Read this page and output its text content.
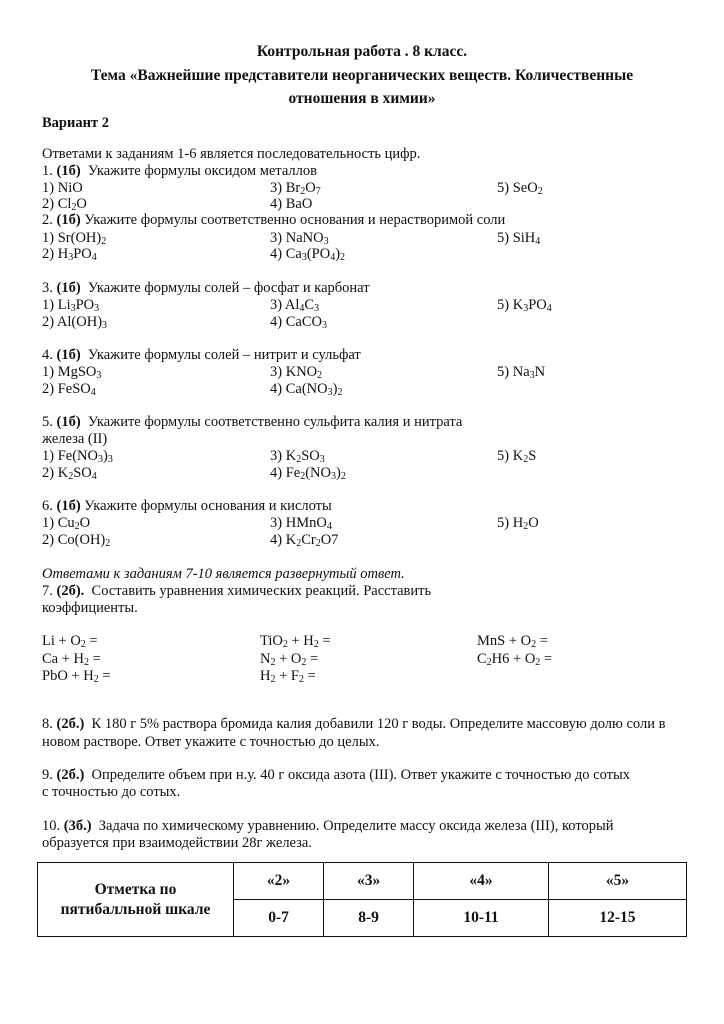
Контрольная работа . 8 класс.
Тема «Важнейшие представители неорганических веществ. Количественные
отношения в химии»
Вариант 2
Ответами к заданиям 1-6 является последовательность цифр.
1. (1б) Укажите формулы оксидом металлов
1) NiO	3) $Br_2O_7$	5) SeO$_2$
2) $Cl_2O$	4) BaO
2. (1б) Укажите формулы соответственно основания и нерастворимой соли
1) $Sr(OH)_2$	3) NaNO$_3$	5) SiH$_4$
2) $H_3PO_4$	4) $Ca_3(PO_4)_2$
3. (1б) Укажите формулы солей – фосфат и карбонат
1) $Li_3PO_3$	3) $Al_4C_3$	5) $K_3PO_4$
2) $Al(OH)_3$	4) CaCO$_3$
4. (1б) Укажите формулы солей – нитрит и сульфат
1) MgSO$_3$	3) $KNO_2$	5) $Na_3N$
2) FeSO$_4$	4) $Ca(NO_3)_2$
5. (1б) Укажите формулы соответственно сульфита калия и нитрата
железа (II)
1) $Fe(NO_3)_3$	3) $K_2SO_3$	5) $K_2S$
2) $K_2SO_4$	4) $Fe_2(NO_3)_2$
6. (1б) Укажите формулы основания и кислоты
1) $Cu_2O$	3) HMnO$_4$	5) $H_2O$
2) $Co(OH)_2$	4) $K_2Cr_2O7$
Ответами к заданиям 7-10 является развернутый ответ.
7. (2б). Составить уравнения химических реакций. Расставить
коэффициенты.
$Li + O_2$ =	$TiO_2 + H_2$ =	MnS + $O_2$ =
$Ca + H_2$ =	$N_2 + O_2$ =	$C_2H6 + O_2$ =
PbO + $H_2$ =	$H_2 + F_2$ =
8. (2б.) К 180 г 5% раствора бромида калия добавили 120 г воды. Определите массовую долю соли в
новом растворе. Ответ укажите с точностью до целых.
9. (2б.) Определите объем при н.у. 40 г оксида азота (III). Ответ укажите с точностью до сотых
с точностью до сотых.
10. (3б.) Задача по химическому уравнению. Определите массу оксида железа (III), который
образуется при взаимодействии 28г железа.
Отметка по
пятибалльной шкале	«2»	«3»	«4»	«5»
	0-7	8-9	10-11	12-15
